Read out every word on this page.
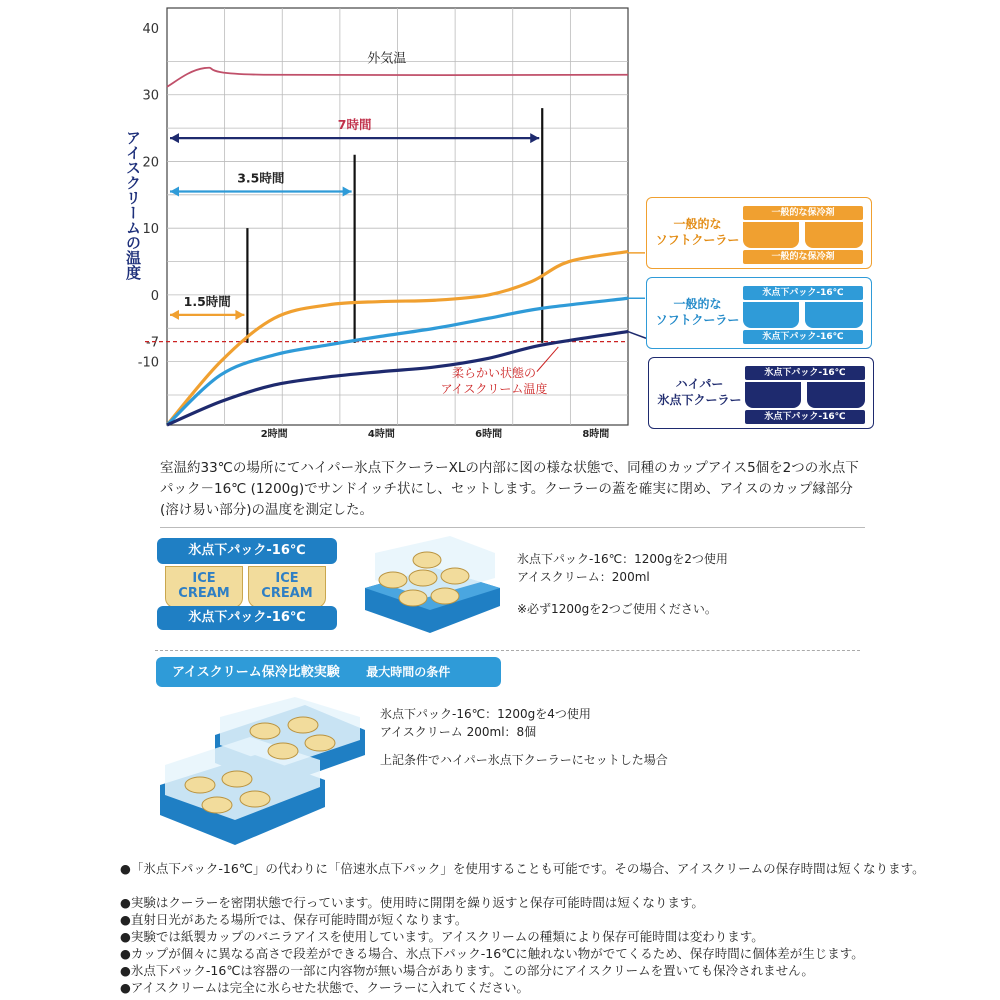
40
30
20
10
0
-7
-10
2時間	4時間	6時間	8時間
柔らかい状態の
アイスクリーム温度
外気温
1.5時間
3.5時間
7時間
アイスクリームの温度	一般的な
ソフトクーラー
一般的な保冷剤
一般的な保冷剤
一般的な
ソフトクーラー
氷点下パック-16℃
氷点下パック-16℃
ハイパー
氷点下クーラー
氷点下パック-16℃
氷点下パック-16℃
室温約33℃の場所にてハイパー氷点下クーラーXLの内部に図の様な状態で、同種のカップアイス5個を2つの氷点下パック－16℃ (1200g)でサンドイッチ状にし、セットします。クーラーの蓋を確実に閉め、アイスのカップ縁部分(溶け易い部分)の温度を測定した。
氷点下パック-16℃
ICE
CREAM
ICE
CREAM
氷点下パック-16℃
氷点下パック-16℃：1200gを2つ使用
アイスクリーム：200ml
※必ず1200gを2つご使用ください。
アイスクリーム保冷比較実験 最大時間の条件
氷点下パック-16℃：1200gを4つ使用
アイスクリーム 200ml：8個
上記条件でハイパー氷点下クーラーにセットした場合
●「氷点下パック-16℃」の代わりに「倍速氷点下パック」を使用することも可能です。その場合、アイスクリームの保存時間は短くなります。
●実験はクーラーを密閉状態で行っています。使用時に開閉を繰り返すと保存可能時間は短くなります。
●直射日光があたる場所では、保存可能時間が短くなります。
●実験では紙製カップのバニラアイスを使用しています。アイスクリームの種類により保存可能時間は変わります。
●カップが個々に異なる高さで段差ができる場合、氷点下パック-16℃に触れない物がでてくるため、保存時間に個体差が生じます。
●氷点下パック-16℃は容器の一部に内容物が無い場合があります。この部分にアイスクリームを置いても保冷されません。
●アイスクリームは完全に氷らせた状態で、クーラーに入れてください。
